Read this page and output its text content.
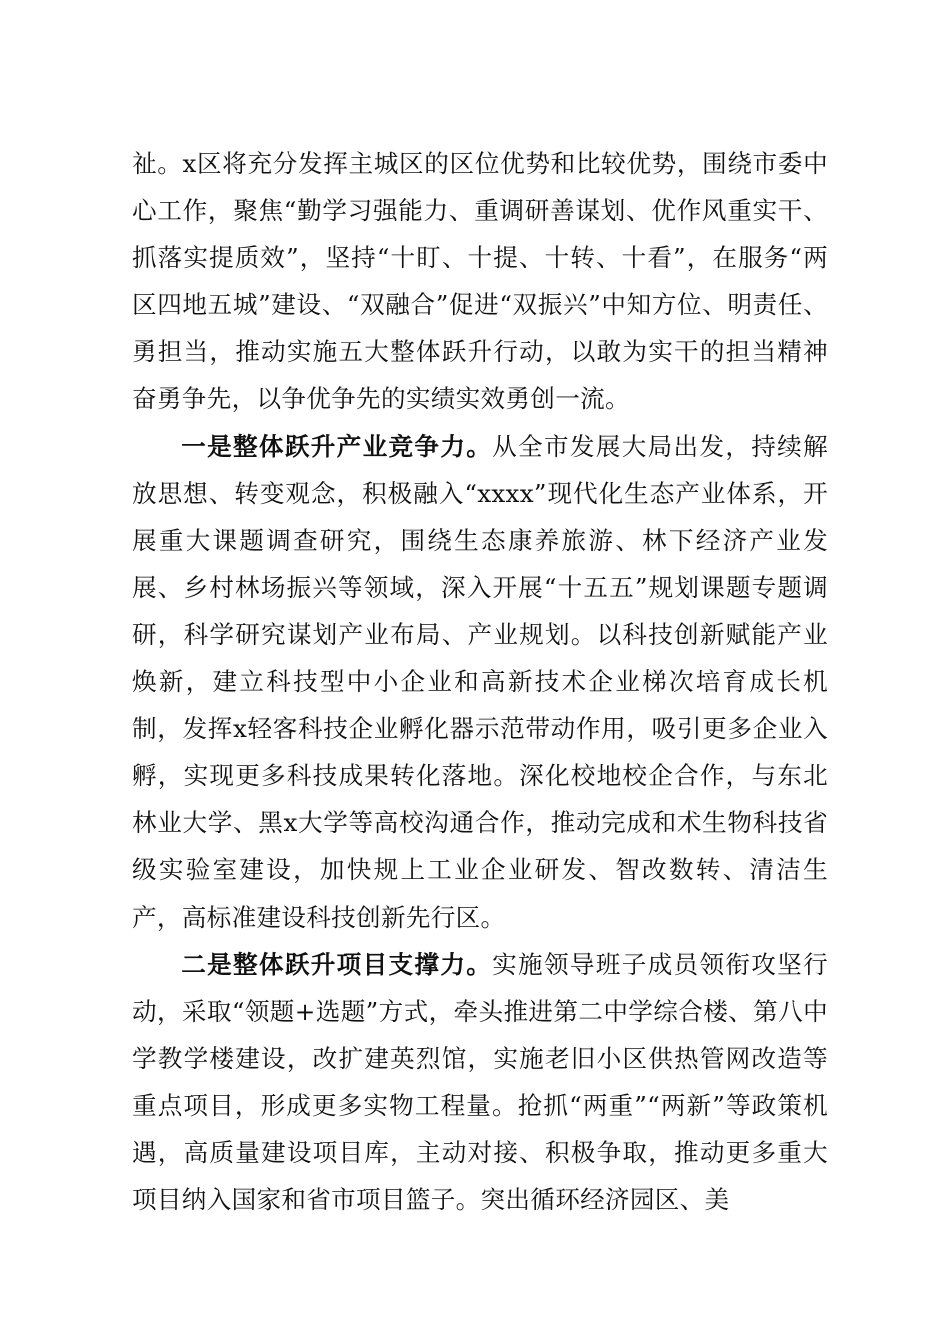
祉。x区将充分发挥主城区的区位优势和比较优势，围绕市委中心工作，聚焦“勤学习强能力、重调研善谋划、优作风重实干、抓落实提质效”，坚持“十盯、十提、十转、十看”，在服务“两区四地五城”建设、“双融合”促进“双振兴”中知方位、明责任、勇担当，推动实施五大整体跃升行动，以敢为实干的担当精神奋勇争先，以争优争先的实绩实效勇创一流。

一是整体跃升产业竞争力。从全市发展大局出发，持续解放思想、转变观念，积极融入“xxxx”现代化生态产业体系，开展重大课题调查研究，围绕生态康养旅游、林下经济产业发展、乡村林场振兴等领域，深入开展“十五五”规划课题专题调研，科学研究谋划产业布局、产业规划。以科技创新赋能产业焕新，建立科技型中小企业和高新技术企业梯次培育成长机制，发挥x轻客科技企业孵化器示范带动作用，吸引更多企业入孵，实现更多科技成果转化落地。深化校地校企合作，与东北林业大学、黑x大学等高校沟通合作，推动完成和术生物科技省级实验室建设，加快规上工业企业研发、智改数转、清洁生产，高标准建设科技创新先行区。

二是整体跃升项目支撑力。实施领导班子成员领衔攻坚行动，采取“领题+选题”方式，牵头推进第二中学综合楼、第八中学教学楼建设，改扩建英烈馆，实施老旧小区供热管网改造等重点项目，形成更多实物工程量。抢抓“两重”“两新”等政策机遇，高质量建设项目库，主动对接、积极争取，推动更多重大项目纳入国家和省市项目篮子。突出循环经济园区、美
